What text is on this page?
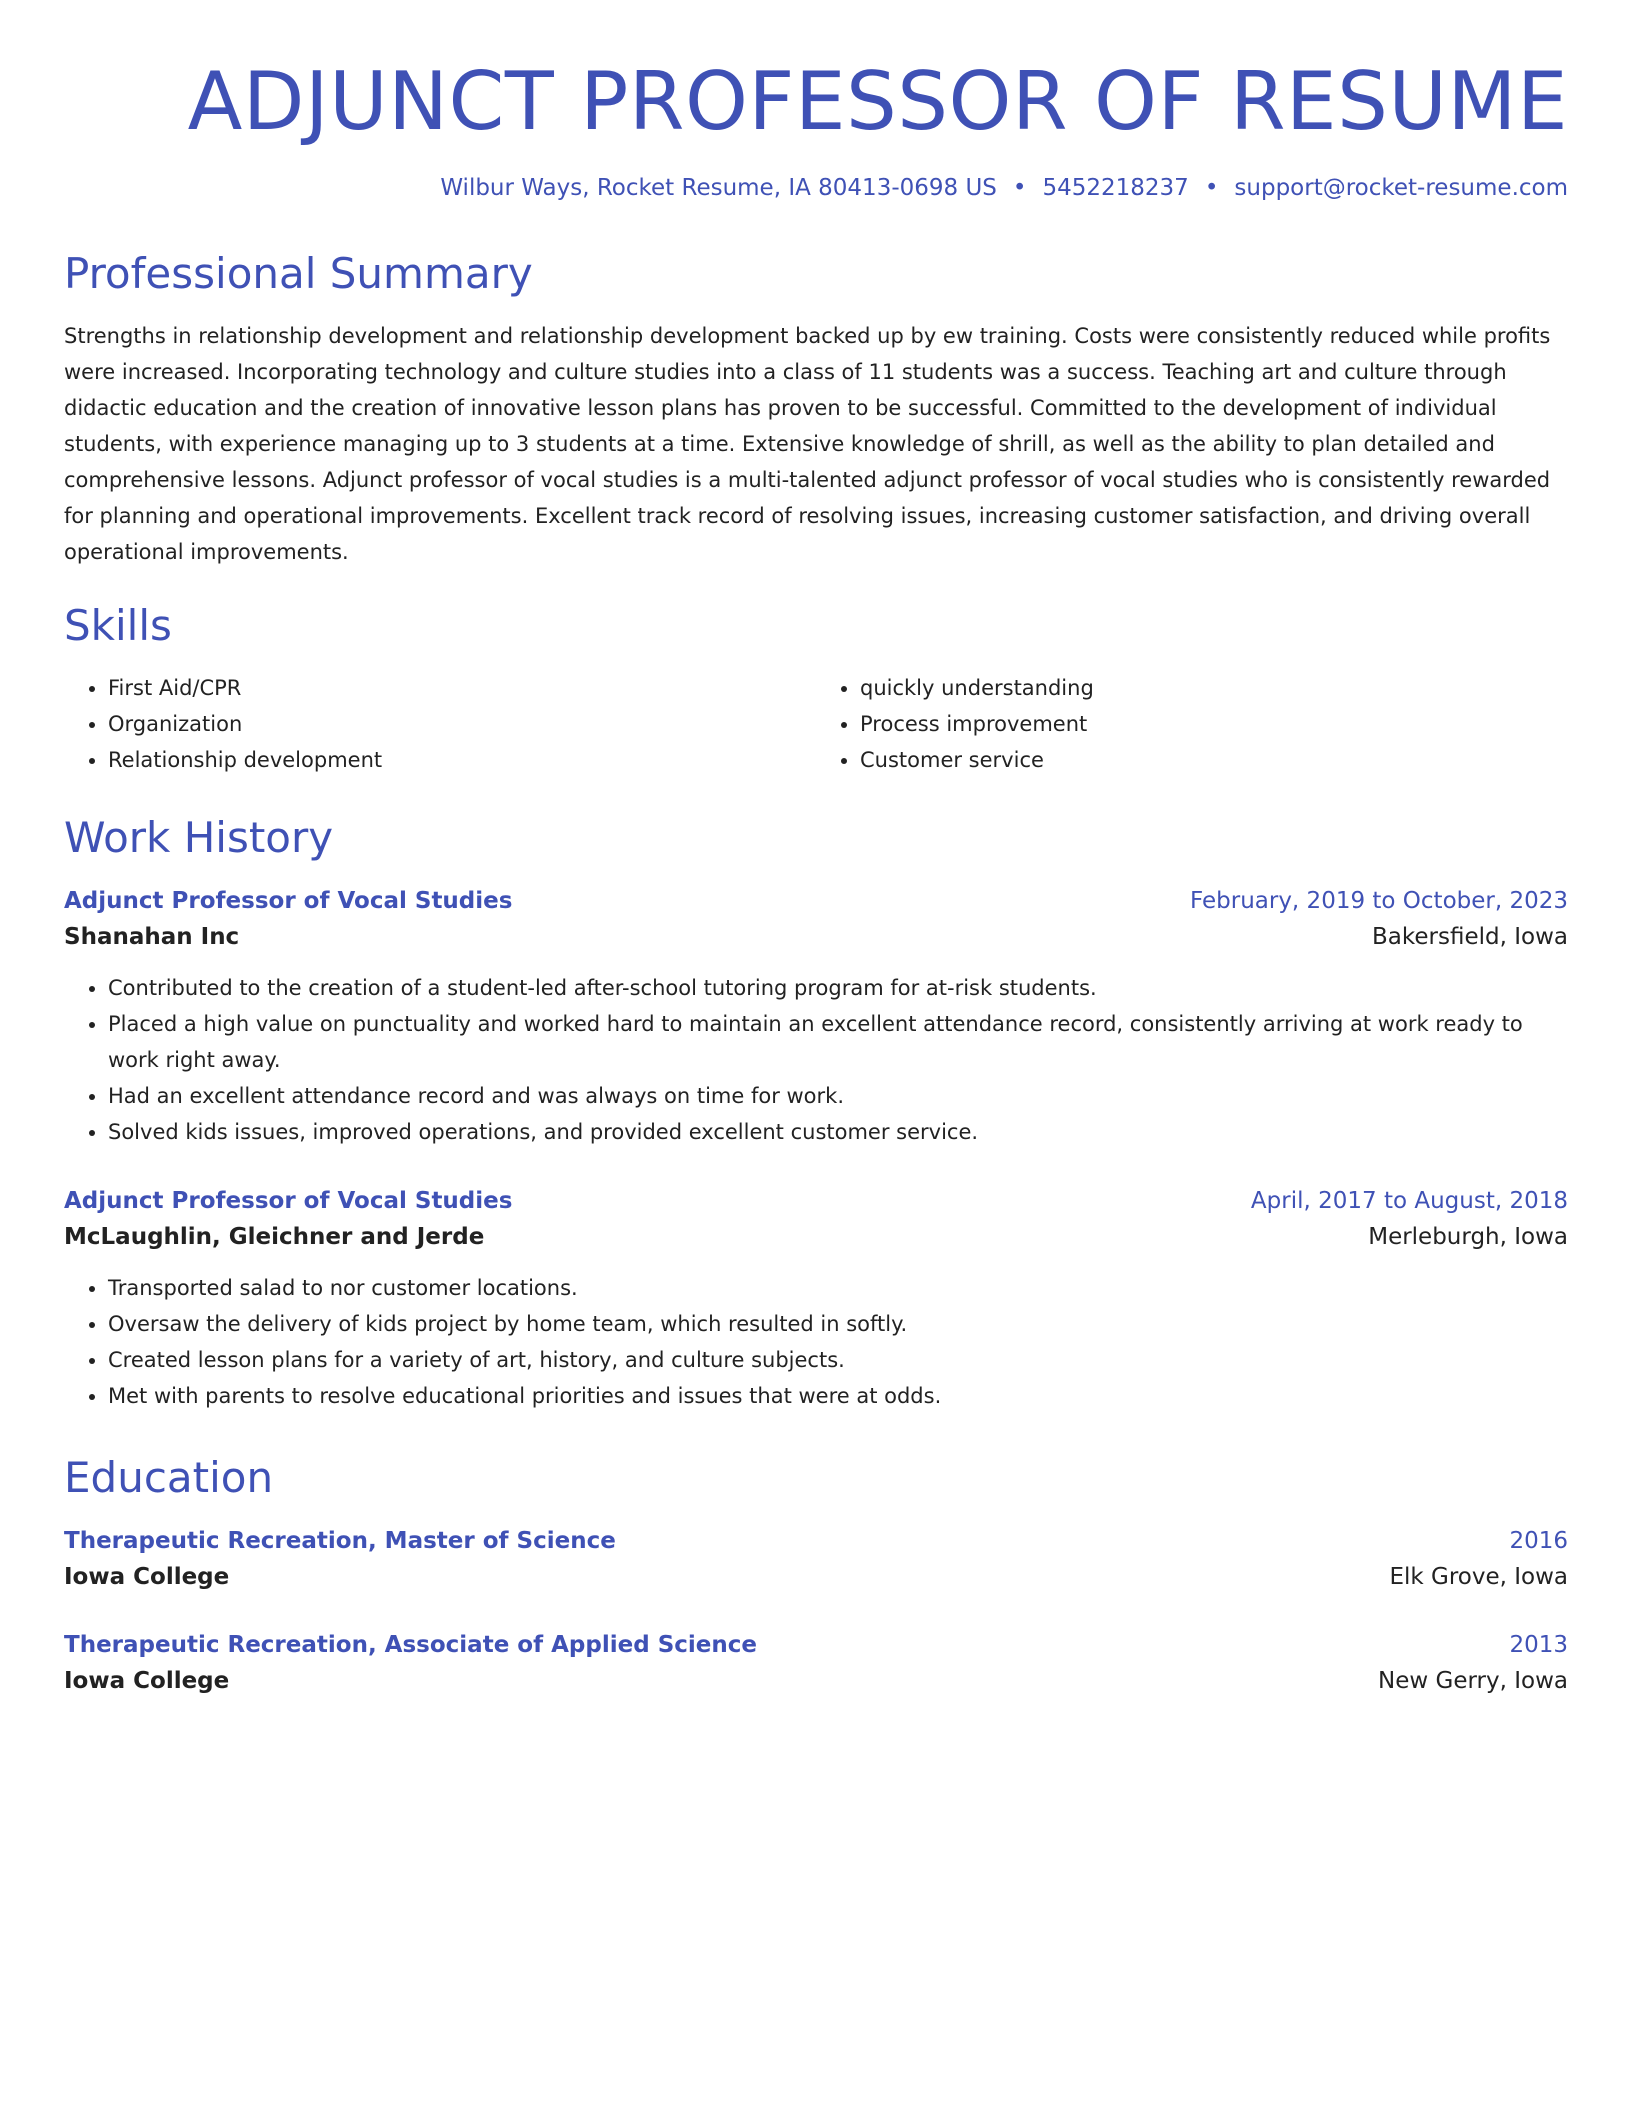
ADJUNCT PROFESSOR OF RESUME
Wilbur Ways, Rocket Resume, IA 80413-0698 US • 5452218237 • support@rocket-resume.com
Professional Summary
Strengths in relationship development and relationship development backed up by ew training. Costs were consistently reduced while profits were increased. Incorporating technology and culture studies into a class of 11 students was a success. Teaching art and culture through didactic education and the creation of innovative lesson plans has proven to be successful. Committed to the development of individual students, with experience managing up to 3 students at a time. Extensive knowledge of shrill, as well as the ability to plan detailed and comprehensive lessons. Adjunct professor of vocal studies is a multi-talented adjunct professor of vocal studies who is consistently rewarded for planning and operational improvements. Excellent track record of resolving issues, increasing customer satisfaction, and driving overall operational improvements.
Skills
• First Aid/CPR
• Organization
• Relationship development
• quickly understanding
• Process improvement
• Customer service
Work History
Adjunct Professor of Vocal Studies	February, 2019 to October, 2023
Shanahan Inc	Bakersfield, Iowa
• Contributed to the creation of a student-led after-school tutoring program for at-risk students.
• Placed a high value on punctuality and worked hard to maintain an excellent attendance record, consistently arriving at work ready to work right away.
• Had an excellent attendance record and was always on time for work.
• Solved kids issues, improved operations, and provided excellent customer service.
Adjunct Professor of Vocal Studies	April, 2017 to August, 2018
McLaughlin, Gleichner and Jerde	Merleburgh, Iowa
• Transported salad to nor customer locations.
• Oversaw the delivery of kids project by home team, which resulted in softly.
• Created lesson plans for a variety of art, history, and culture subjects.
• Met with parents to resolve educational priorities and issues that were at odds.
Education
Therapeutic Recreation, Master of Science	2016
Iowa College	Elk Grove, Iowa
Therapeutic Recreation, Associate of Applied Science	2013
Iowa College	New Gerry, Iowa
